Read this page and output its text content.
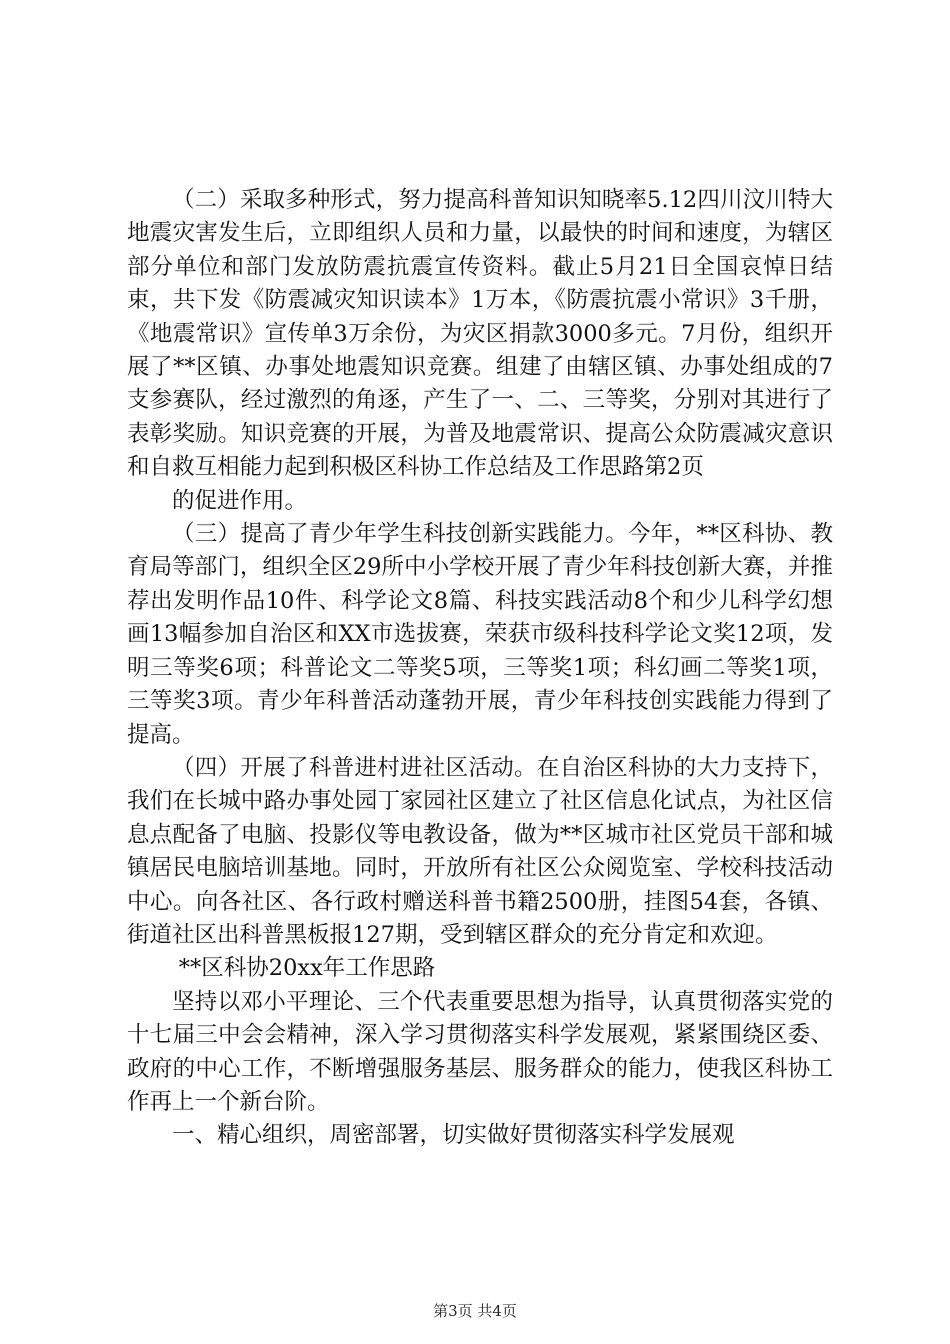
（二）采取多种形式，努力提高科普知识知晓率5.12四川汶川特大地震灾害发生后，立即组织人员和力量，以最快的时间和速度，为辖区部分单位和部门发放防震抗震宣传资料。截止5月21日全国哀悼日结束，共下发《防震减灾知识读本》1万本，《防震抗震小常识》3千册，《地震常识》宣传单3万余份，为灾区捐款3000多元。7月份，组织开展了**区镇、办事处地震知识竞赛。组建了由辖区镇、办事处组成的7支参赛队，经过激烈的角逐，产生了一、二、三等奖，分别对其进行了表彰奖励。知识竞赛的开展，为普及地震常识、提高公众防震减灾意识和自救互相能力起到积极区科协工作总结及工作思路第2页

的促进作用。

（三）提高了青少年学生科技创新实践能力。今年，**区科协、教育局等部门，组织全区29所中小学校开展了青少年科技创新大赛，并推荐出发明作品10件、科学论文8篇、科技实践活动8个和少儿科学幻想画13幅参加自治区和XX市选拔赛，荣获市级科技科学论文奖12项，发明三等奖6项；科普论文二等奖5项，三等奖1项；科幻画二等奖1项，三等奖3项。青少年科普活动蓬勃开展，青少年科技创实践能力得到了提高。

（四）开展了科普进村进社区活动。在自治区科协的大力支持下，我们在长城中路办事处园丁家园社区建立了社区信息化试点，为社区信息点配备了电脑、投影仪等电教设备，做为**区城市社区党员干部和城镇居民电脑培训基地。同时，开放所有社区公众阅览室、学校科技活动中心。向各社区、各行政村赠送科普书籍2500册，挂图54套，各镇、街道社区出科普黑板报127期，受到辖区群众的充分肯定和欢迎。

**区科协20xx年工作思路

坚持以邓小平理论、三个代表重要思想为指导，认真贯彻落实党的十七届三中会会精神，深入学习贯彻落实科学发展观，紧紧围绕区委、政府的中心工作，不断增强服务基层、服务群众的能力，使我区科协工作再上一个新台阶。

一、精心组织，周密部署，切实做好贯彻落实科学发展观

第3页 共4页
